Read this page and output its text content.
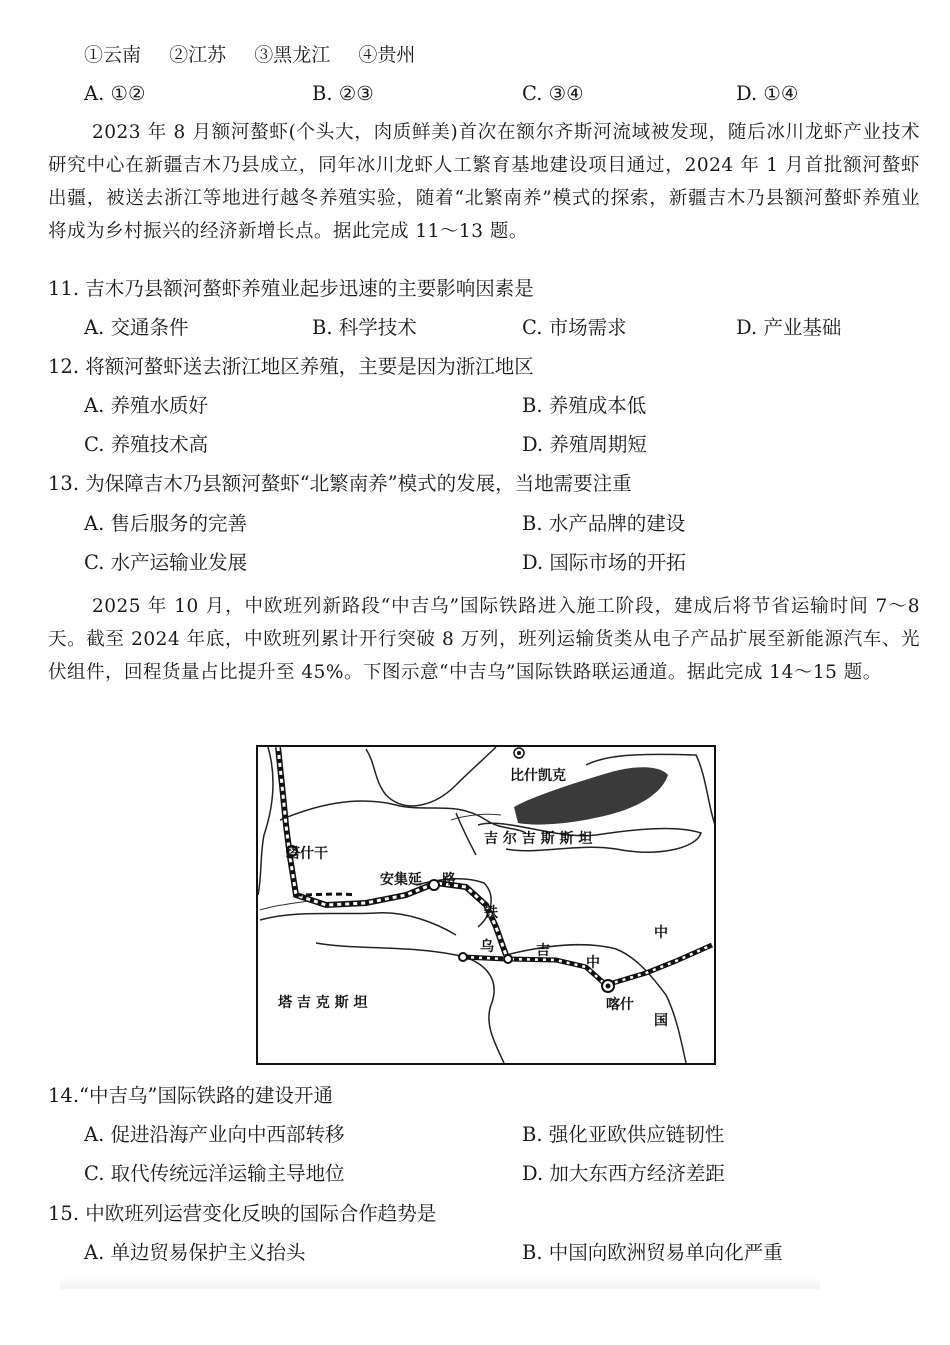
①云南 ②江苏 ③黑龙江 ④贵州
A. ①②	B. ②③	C. ③④	D. ①④
2023 年 8 月额河螯虾(个头大，肉质鲜美)首次在额尔齐斯河流域被发现，随后冰川龙虾产业技术研究中心在新疆吉木乃县成立，同年冰川龙虾人工繁育基地建设项目通过，2024 年 1 月首批额河螯虾出疆，被送去浙江等地进行越冬养殖实验，随着“北繁南养”模式的探索，新疆吉木乃县额河螯虾养殖业将成为乡村振兴的经济新增长点。据此完成 11～13 题。
11. 吉木乃县额河螯虾养殖业起步迅速的主要影响因素是
A. 交通条件	B. 科学技术	C. 市场需求	D. 产业基础
12. 将额河螯虾送去浙江地区养殖，主要是因为浙江地区
A. 养殖水质好	B. 养殖成本低
C. 养殖技术高	D. 养殖周期短
13. 为保障吉木乃县额河螯虾“北繁南养”模式的发展，当地需要注重
A. 售后服务的完善	B. 水产品牌的建设
C. 水产运输业发展	D. 国际市场的开拓
2025 年 10 月，中欧班列新路段“中吉乌”国际铁路进入施工阶段，建成后将节省运输时间 7～8 天。截至 2024 年底，中欧班列累计开行突破 8 万列，班列运输货类从电子产品扩展至新能源汽车、光伏组件，回程货量占比提升至 45%。下图示意“中吉乌”国际铁路联运通道。据此完成 14～15 题。
比什凯克
吉 尔 吉 斯 斯 坦
塔什干
安集延 路
铁
乌	吉
中
塔 吉 克 斯 坦	喀什
中
国
14.“中吉乌”国际铁路的建设开通
A. 促进沿海产业向中西部转移	B. 强化亚欧供应链韧性
C. 取代传统远洋运输主导地位	D. 加大东西方经济差距
15. 中欧班列运营变化反映的国际合作趋势是
A. 单边贸易保护主义抬头	B. 中国向欧洲贸易单向化严重
